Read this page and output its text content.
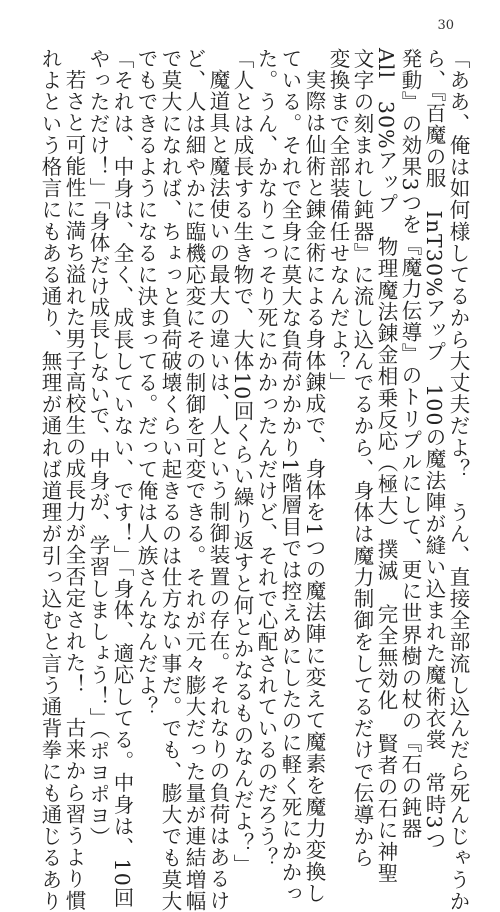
30
「ああ、俺は如何様してるから大丈夫だよ？　うん、直接全部流し込んだら死んじゃうか
ら、『百魔の服　InT30%アップ　100の魔法陣が縫い込まれた魔術衣裳　常時3つ
発動』の効果3つを『魔力伝導』のトリプルにして、更に世界樹の杖の『石の鈍器
All　30%アップ　物理魔法錬金相乗反応（極大）撲滅　完全無効化　賢者の石に神聖
文字の刻まれし鈍器』に流し込んでるから、身体は魔力制御をしてるだけで伝導から
変換まで全部装備任せなんだよ？」
実際は仙術と錬金術による身体錬成で、身体を1つの魔法陣に変えて魔素を魔力変換し
ている。それで全身に莫大な負荷がかかり1階層目では控えめにしたのに軽く死にかかっ
た。うん、かなりこっそり死にかかったんだけど、それで心配されているのだろう？
「人とは成長する生き物で、大体10回くらい繰り返すと何とかなるものなんだよ？」
魔道具と魔法使いの最大の違いは、人という制御装置の存在。それなりの負荷はあるけ
ど、人は細やかに臨機応変にその制御を可変できる。それが元々膨大だった量が連結増幅
で莫大になれば、ちょっと負荷破壊くらい起きるのは仕方ない事だ。でも、膨大でも莫大
でもできるようになるに決まってる。だって俺は人族さんなんだよ？
「それは、中身は、全く、成長していない、です！」「身体、適応してる。中身は、10回
やっただけ！」「身体だけ成長しないで、中身が、学習しましょう！」（ポヨポヨ）
若さと可能性に満ち溢れた男子高校生の成長力が全否定された！　古来から習うより慣
れよという格言にもある通り、無理が通れば道理が引っ込むと言う通背拳にも通じるあり
